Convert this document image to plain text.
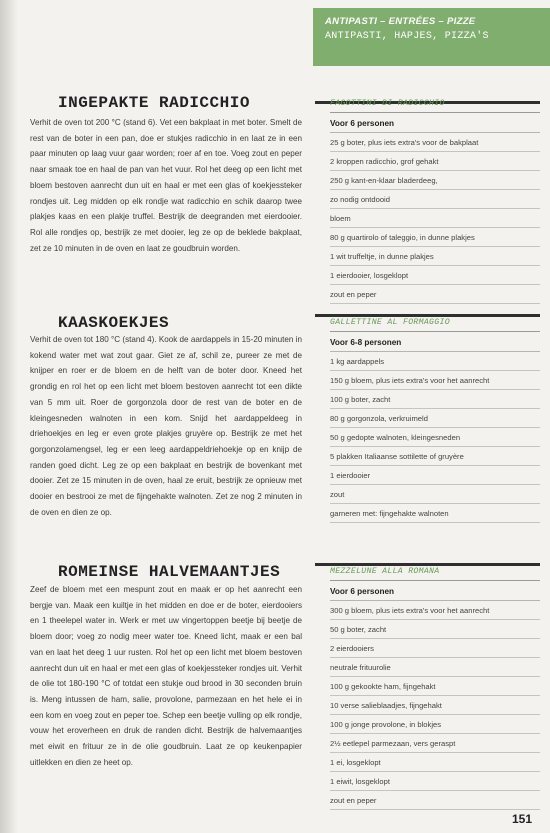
ANTIPASTI – ENTRÉES – PIZZE
ANTIPASTI, HAPJES, PIZZA'S
INGEPAKTE RADICCHIO

Verhit de oven tot 200 °C (stand 6). Vet een bakplaat in met boter. Smelt de rest van de boter in een pan, doe er stukjes radicchio in en laat ze in een paar minuten op laag vuur gaar worden; roer af en toe. Voeg zout en peper naar smaak toe en haal de pan van het vuur. Rol het deeg op een licht met bloem bestoven aanrecht dun uit en haal er met een glas of koekjessteker rondjes uit. Leg midden op elk rondje wat radicchio en schik daarop twee plakjes kaas en een plakje truffel. Bestrijk de deegranden met eierdooier. Rol alle rondjes op, bestrijk ze met dooier, leg ze op de beklede bakplaat, zet ze 10 minuten in de oven en laat ze goudbruin worden.

FAGOTTINI DI RADICCHIO
Voor 6 personen
25 g boter, plus iets extra's voor de bakplaat
2 kroppen radicchio, grof gehakt
250 g kant-en-klaar bladerdeeg,
zo nodig ontdooid
bloem
80 g quartirolo of taleggio, in dunne plakjes
1 wit truffeltje, in dunne plakjes
1 eierdooier, losgeklopt
zout en peper
KAASKOEKJES

Verhit de oven tot 180 °C (stand 4). Kook de aardappels in 15-20 minuten in kokend water met wat zout gaar. Giet ze af, schil ze, pureer ze met de knijper en roer er de bloem en de helft van de boter door. Kneed het grondig en rol het op een licht met bloem bestoven aanrecht tot een dikte van 5 mm uit. Roer de gorgonzola door de rest van de boter en de kleingesneden walnoten in een kom. Snijd het aardappeldeeg in driehoekjes en leg er even grote plakjes gruyère op. Bestrijk ze met het gorgonzolamengsel, leg er een leeg aardappeldriehoekje op en knijp de randen goed dicht. Leg ze op een bakplaat en bestrijk de bovenkant met dooier. Zet ze 15 minuten in de oven, haal ze eruit, bestrijk ze opnieuw met dooier en bestrooi ze met de fijngehakte walnoten. Zet ze nog 2 minuten in de oven en dien ze op.

GALLETTINE AL FORMAGGIO
Voor 6-8 personen
1 kg aardappels
150 g bloem, plus iets extra's voor het aanrecht
100 g boter, zacht
80 g gorgonzola, verkruimeld
50 g gedopte walnoten, kleingesneden
5 plakken Italiaanse sottilette of gruyère
1 eierdooier
zout
garneren met: fijngehakte walnoten
ROMEINSE HALVEMAANTJES

Zeef de bloem met een mespunt zout en maak er op het aanrecht een bergje van. Maak een kuiltje in het midden en doe er de boter, eierdooiers en 1 theelepel water in. Werk er met uw vingertoppen beetje bij beetje de bloem door; voeg zo nodig meer water toe. Kneed licht, maak er een bal van en laat het deeg 1 uur rusten. Rol het op een licht met bloem bestoven aanrecht dun uit en haal er met een glas of koekjessteker rondjes uit. Verhit de olie tot 180-190 °C of totdat een stukje oud brood in 30 seconden bruin is. Meng intussen de ham, salie, provolone, parmezaan en het hele ei in een kom en voeg zout en peper toe. Schep een beetje vulling op elk rondje, vouw het eroverheen en druk de randen dicht. Bestrijk de halvemaantjes met eiwit en frituur ze in de olie goudbruin. Laat ze op keukenpapier uitlekken en dien ze heet op.

MEZZELUNE ALLA ROMANA
Voor 6 personen
300 g bloem, plus iets extra's voor het aanrecht
50 g boter, zacht
2 eierdooiers
neutrale frituurolie
100 g gekookte ham, fijngehakt
10 verse salieblaadjes, fijngehakt
100 g jonge provolone, in blokjes
2½ eetlepel parmezaan, vers geraspt
1 ei, losgeklopt
1 eiwit, losgeklopt
zout en peper
151
